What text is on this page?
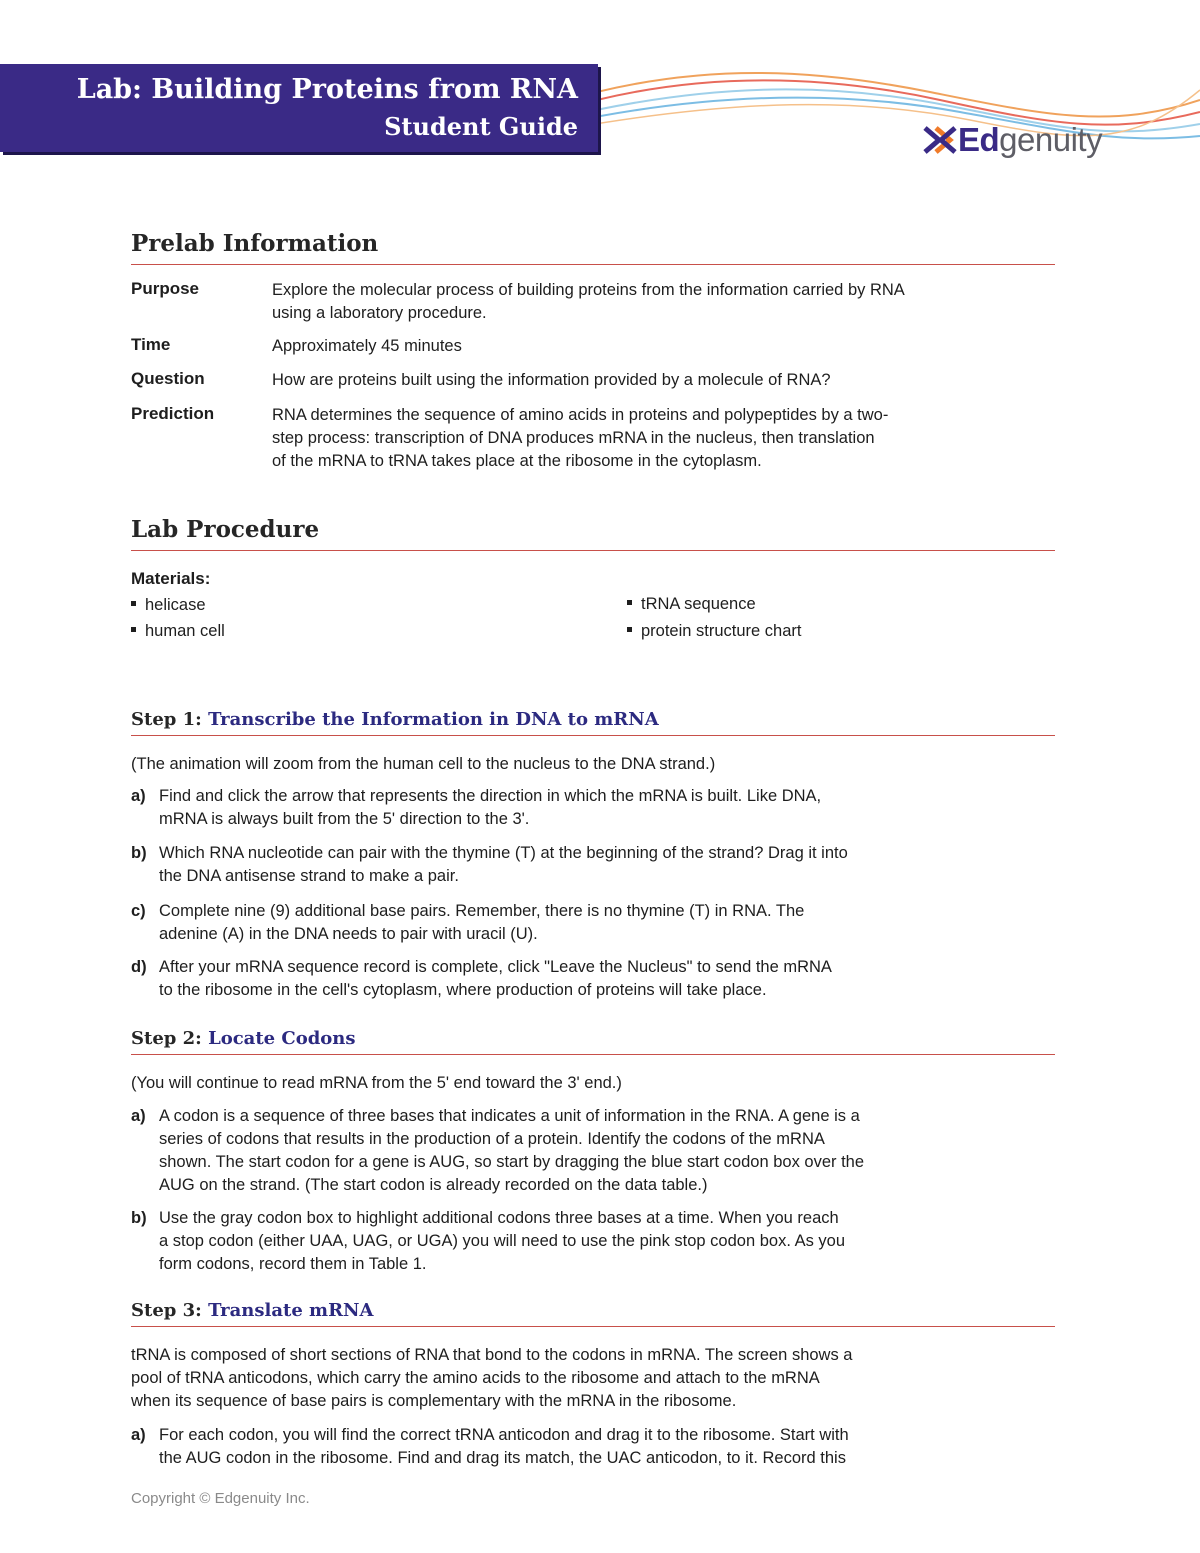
Lab: Building Proteins from RNA
Student Guide	Edgenuity
Prelab Information
Purpose	Explore the molecular process of building proteins from the information carried by RNA
using a laboratory procedure.
Time	Approximately 45 minutes
Question	How are proteins built using the information provided by a molecule of RNA?
Prediction	RNA determines the sequence of amino acids in proteins and polypeptides by a two-
step process: transcription of DNA produces mRNA in the nucleus, then translation
of the mRNA to tRNA takes place at the ribosome in the cytoplasm.
Lab Procedure
Materials:
helicase
human cell
tRNA sequence
protein structure chart
Step 1: Transcribe the Information in DNA to mRNA
(The animation will zoom from the human cell to the nucleus to the DNA strand.)
a) Find and click the arrow that represents the direction in which the mRNA is built. Like DNA,
mRNA is always built from the 5' direction to the 3'.
b) Which RNA nucleotide can pair with the thymine (T) at the beginning of the strand? Drag it into
the DNA antisense strand to make a pair.
c) Complete nine (9) additional base pairs. Remember, there is no thymine (T) in RNA. The
adenine (A) in the DNA needs to pair with uracil (U).
d) After your mRNA sequence record is complete, click "Leave the Nucleus" to send the mRNA
to the ribosome in the cell's cytoplasm, where production of proteins will take place.
Step 2: Locate Codons
(You will continue to read mRNA from the 5' end toward the 3' end.)
a) A codon is a sequence of three bases that indicates a unit of information in the RNA. A gene is a
series of codons that results in the production of a protein. Identify the codons of the mRNA
shown. The start codon for a gene is AUG, so start by dragging the blue start codon box over the
AUG on the strand. (The start codon is already recorded on the data table.)
b) Use the gray codon box to highlight additional codons three bases at a time. When you reach
a stop codon (either UAA, UAG, or UGA) you will need to use the pink stop codon box. As you
form codons, record them in Table 1.
Step 3: Translate mRNA
tRNA is composed of short sections of RNA that bond to the codons in mRNA. The screen shows a
pool of tRNA anticodons, which carry the amino acids to the ribosome and attach to the mRNA
when its sequence of base pairs is complementary with the mRNA in the ribosome.
a) For each codon, you will find the correct tRNA anticodon and drag it to the ribosome. Start with
the AUG codon in the ribosome. Find and drag its match, the UAC anticodon, to it. Record this
Copyright © Edgenuity Inc.
